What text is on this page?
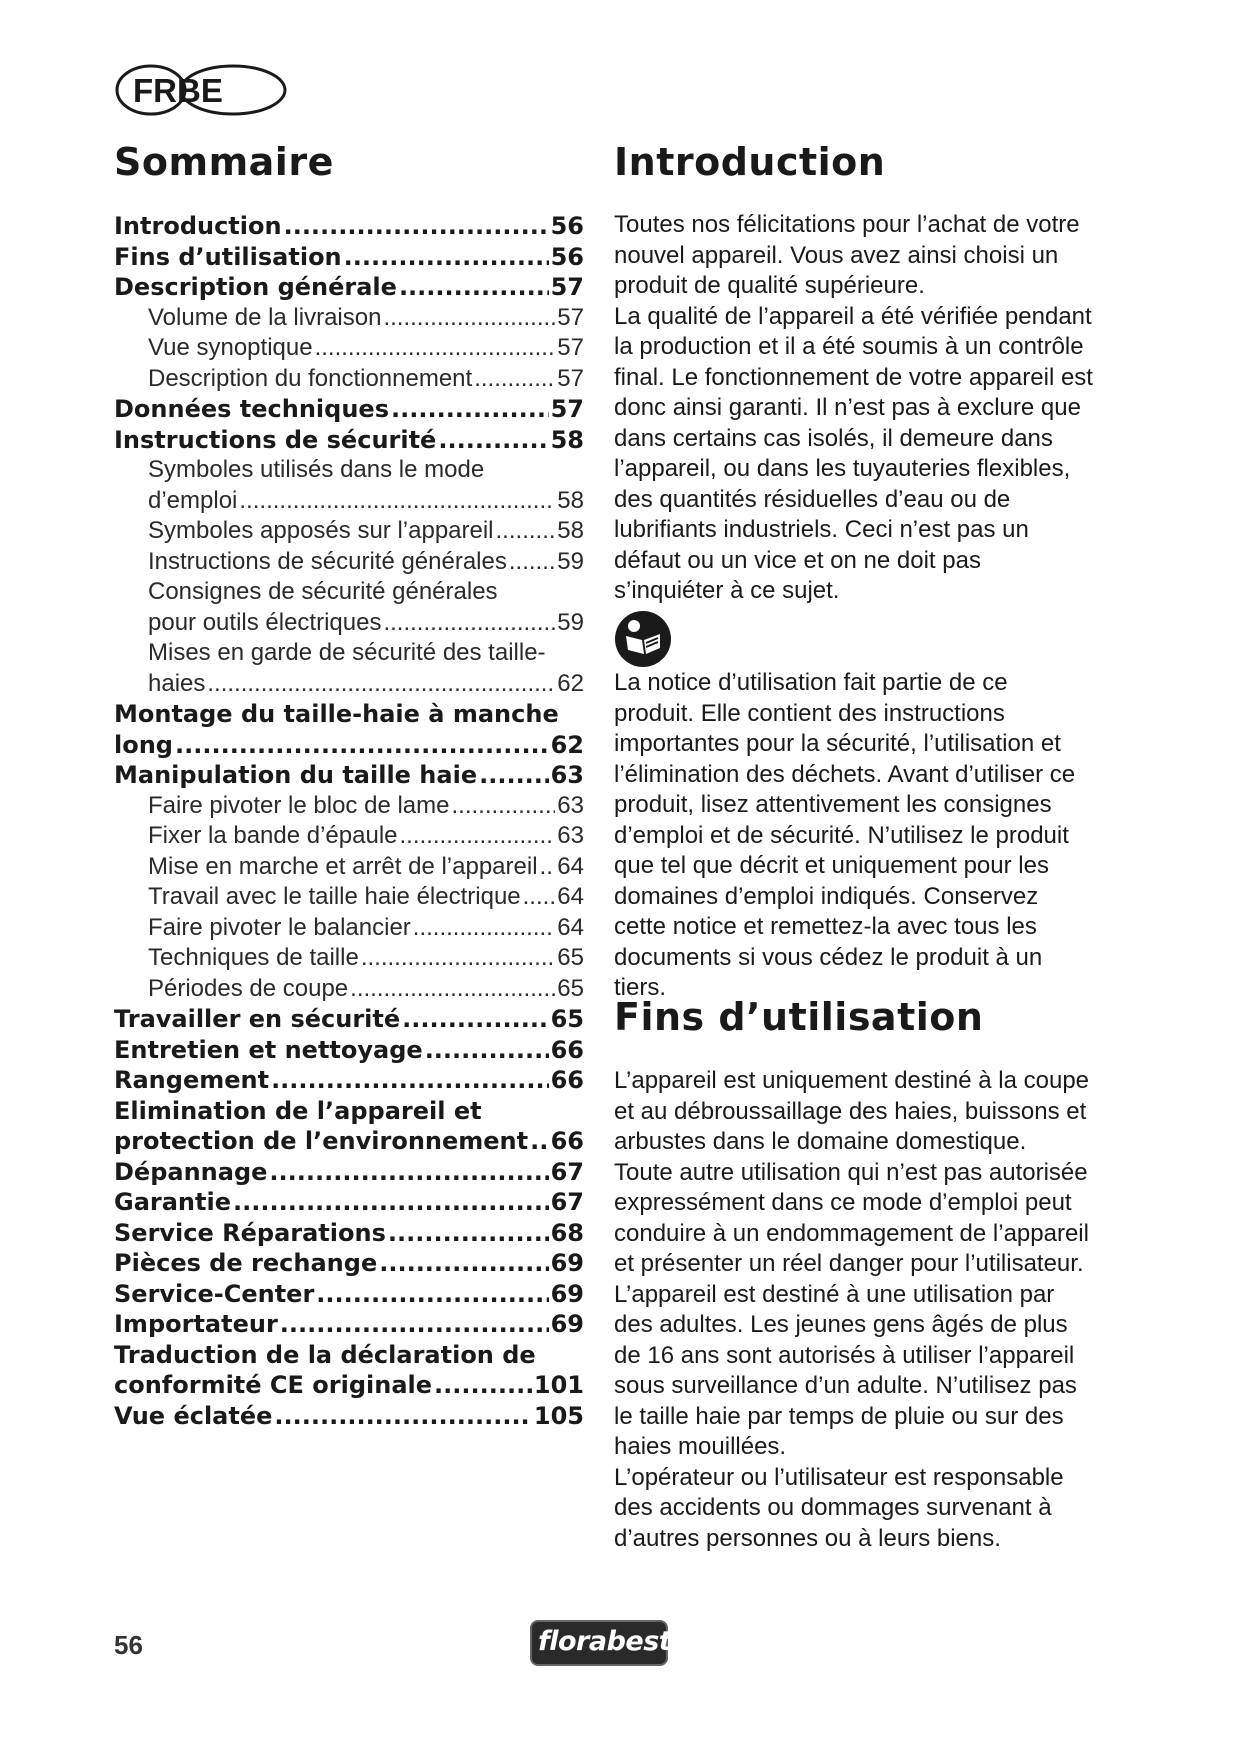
FRBE
Sommaire
Introduction .....	56
Fins d’utilisation .....	56
Description générale .....	57
Volume de la livraison .....	57
Vue synoptique .....	57
Description du fonctionnement .....	57
Données techniques .....	57
Instructions de sécurité .....	58
Symboles utilisés dans le mode
d’emploi .....	58
Symboles apposés sur l’appareil .....	58
Instructions de sécurité générales ..... 59
Consignes de sécurité générales
pour outils électriques .....	59
Mises en garde de sécurité des taille-
haies .....	62
Montage du taille-haie à manche
long .....	62
Manipulation du taille haie .....	63
Faire pivoter le bloc de lame .....	63
Fixer la bande d’épaule .....	63
Mise en marche et arrêt de l’appareil ..... 64
Travail avec le taille haie électrique ..... 64
Faire pivoter le balancier .....	64
Techniques de taille .....	65
Périodes de coupe .....	65
Travailler en sécurité .....	65
Entretien et nettoyage .....	66
Rangement .....	66
Elimination de l’appareil et
protection de l’environnement ..... 66
Dépannage .....	67
Garantie .....	67
Service Réparations .....	68
Pièces de rechange .....	69
Service-Center .....	69
Importateur .....	69
Traduction de la déclaration de
conformité CE originale .....	101
Vue éclatée .....	105
Introduction

Toutes nos félicitations pour l’achat de votre nouvel appareil. Vous avez ainsi choisi un produit de qualité supérieure.

La qualité de l’appareil a été vérifiée pendant la production et il a été soumis à un contrôle final. Le fonctionnement de votre appareil est donc ainsi garanti. Il n’est pas à exclure que dans certains cas isolés, il demeure dans l’appareil, ou dans les tuyauteries flexibles, des quantités résiduelles d’eau ou de lubrifiants industriels. Ceci n’est pas un défaut ou un vice et on ne doit pas s’inquiéter à ce sujet.

La notice d’utilisation fait partie de ce produit. Elle contient des instructions importantes pour la sécurité, l’utilisation et l’élimination des déchets. Avant d’utiliser ce produit, lisez attentivement les consignes d’emploi et de sécurité. N’utilisez le produit que tel que décrit et uniquement pour les domaines d’emploi indiqués. Conservez cette notice et remettez-la avec tous les documents si vous cédez le produit à un tiers.

Fins d’utilisation

L’appareil est uniquement destiné à la coupe et au débroussaillage des haies, buissons et arbustes dans le domaine domestique.

Toute autre utilisation qui n’est pas autorisée expressément dans ce mode d’emploi peut conduire à un endommagement de l’appareil et présenter un réel danger pour l’utilisateur.

L’appareil est destiné à une utilisation par des adultes. Les jeunes gens âgés de plus de 16 ans sont autorisés à utiliser l’appareil sous surveillance d’un adulte. N’utilisez pas le taille haie par temps de pluie ou sur des haies mouillées.

L’opérateur ou l’utilisateur est responsable des accidents ou dommages survenant à d’autres personnes ou à leurs biens.

56	florabest
